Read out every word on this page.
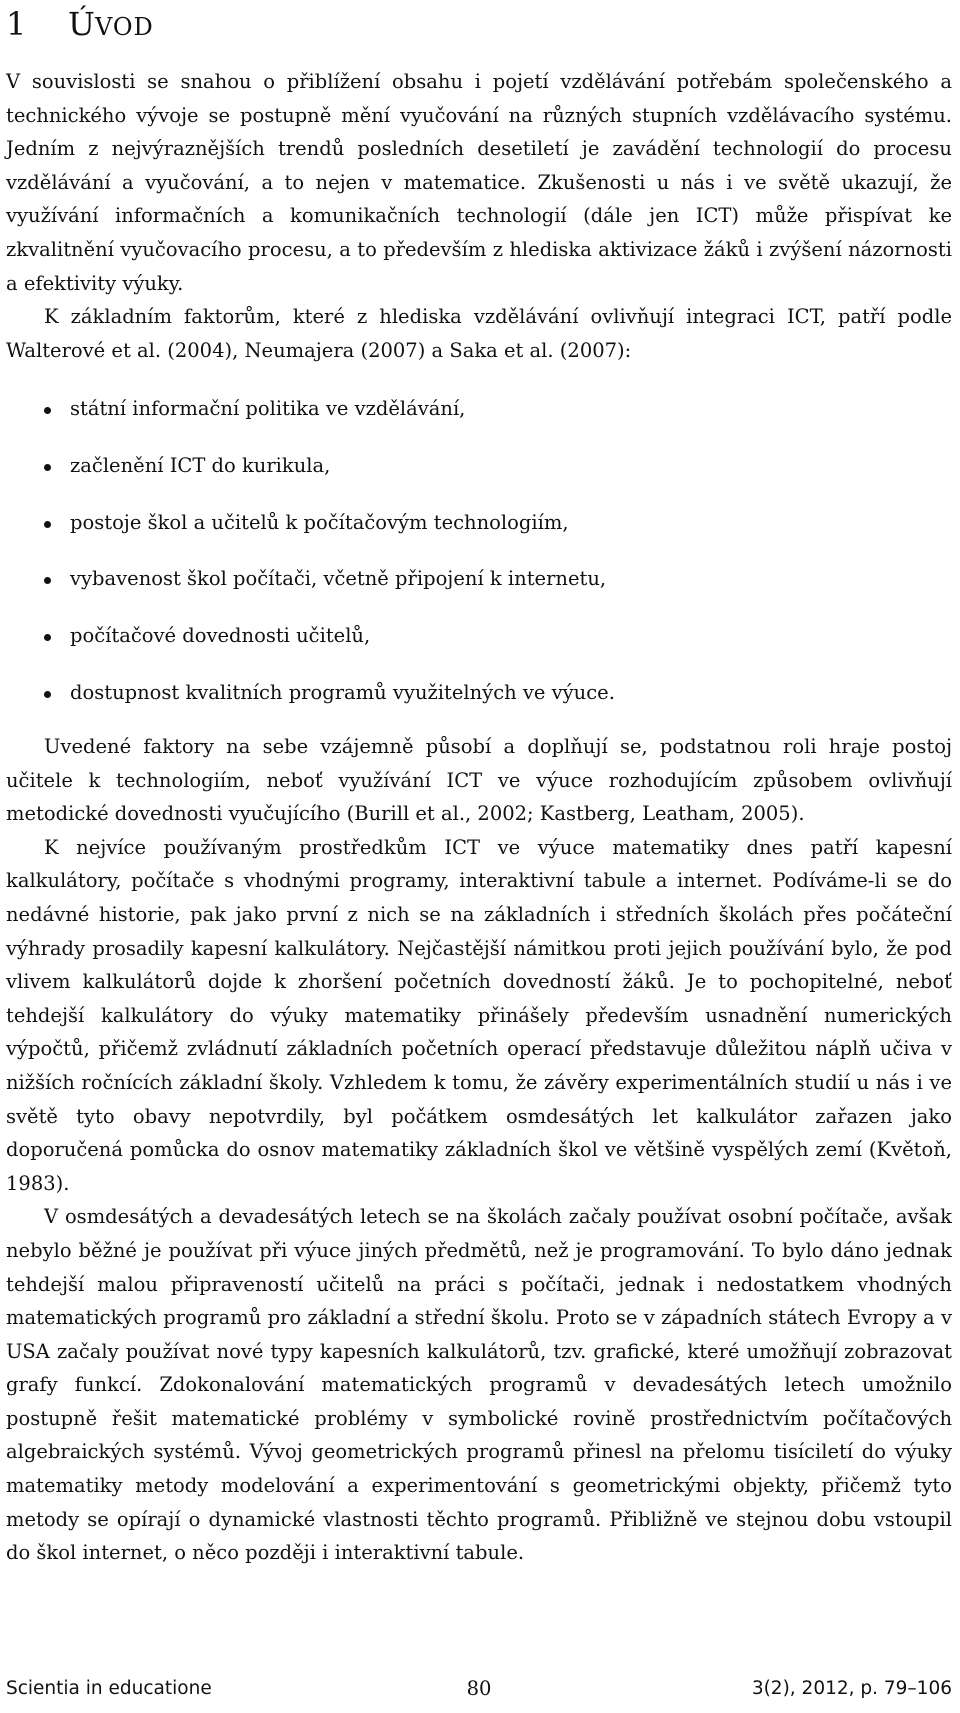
1 ÚVOD

V souvislosti se snahou o přiblížení obsahu i pojetí vzdělávání potřebám společenského a technického vývoje se postupně mění vyučování na různých stupních vzdělávacího systému. Jedním z nejvýraznějších trendů posledních desetiletí je zavádění technologií do procesu vzdělávání a vyučování, a to nejen v matematice. Zkušenosti u nás i ve světě ukazují, že využívání informačních a komunikačních technologií (dále jen ICT) může přispívat ke zkvalitnění vyučovacího procesu, a to především z hlediska aktivizace žáků i zvýšení názornosti a efektivity výuky.

K základním faktorům, které z hlediska vzdělávání ovlivňují integraci ICT, patří podle Walterové et al. (2004), Neumajera (2007) a Saka et al. (2007):

státní informační politika ve vzdělávání,
začlenění ICT do kurikula,
postoje škol a učitelů k počítačovým technologiím,
vybavenost škol počítači, včetně připojení k internetu,
počítačové dovednosti učitelů,
dostupnost kvalitních programů využitelných ve výuce.

Uvedené faktory na sebe vzájemně působí a doplňují se, podstatnou roli hraje postoj učitele k technologiím, neboť využívání ICT ve výuce rozhodujícím způsobem ovlivňují metodické dovednosti vyučujícího (Burill et al., 2002; Kastberg, Leatham, 2005).

K nejvíce používaným prostředkům ICT ve výuce matematiky dnes patří kapesní kalkulátory, počítače s vhodnými programy, interaktivní tabule a internet. Podíváme-li se do nedávné historie, pak jako první z nich se na základních i středních školách přes počáteční výhrady prosadily kapesní kalkulátory. Nejčastější námitkou proti jejich používání bylo, že pod vlivem kalkulátorů dojde k zhoršení početních dovedností žáků. Je to pochopitelné, neboť tehdejší kalkulátory do výuky matematiky přinášely především usnadnění numerických výpočtů, přičemž zvládnutí základních početních operací představuje důležitou náplň učiva v nižších ročnících základní školy. Vzhledem k tomu, že závěry experimentálních studií u nás i ve světě tyto obavy nepotvrdily, byl počátkem osmdesátých let kalkulátor zařazen jako doporučená pomůcka do osnov matematiky základních škol ve většině vyspělých zemí (Květoň, 1983).

V osmdesátých a devadesátých letech se na školách začaly používat osobní počítače, avšak nebylo běžné je používat při výuce jiných předmětů, než je programování. To bylo dáno jednak tehdejší malou připraveností učitelů na práci s počítači, jednak i nedostatkem vhodných matematických programů pro základní a střední školu. Proto se v západních státech Evropy a v USA začaly používat nové typy kapesních kalkulátorů, tzv. grafické, které umožňují zobrazovat grafy funkcí. Zdokonalování matematických programů v devadesátých letech umožnilo postupně řešit matematické problémy v symbolické rovině prostřednictvím počítačových algebraických systémů. Vývoj geometrických programů přinesl na přelomu tisíciletí do výuky matematiky metody modelování a experimentování s geometrickými objekty, přičemž tyto metody se opírají o dynamické vlastnosti těchto programů. Přibližně ve stejnou dobu vstoupil do škol internet, o něco později i interaktivní tabule.

Scientia in educatione	80	3(2), 2012, p. 79–106
